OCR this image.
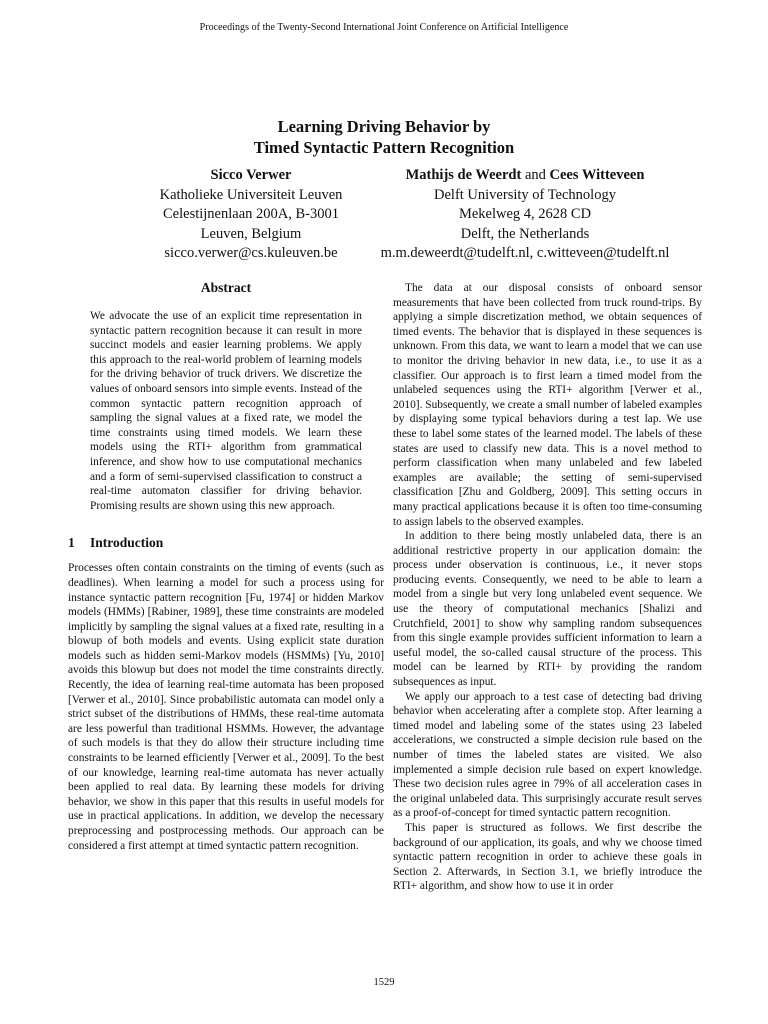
Proceedings of the Twenty-Second International Joint Conference on Artificial Intelligence
Learning Driving Behavior by
Timed Syntactic Pattern Recognition
Sicco Verwer
Katholieke Universiteit Leuven
Celestijnenlaan 200A, B-3001
Leuven, Belgium
sicco.verwer@cs.kuleuven.be
Mathijs de Weerdt and Cees Witteveen
Delft University of Technology
Mekelweg 4, 2628 CD
Delft, the Netherlands
m.m.deweerdt@tudelft.nl, c.witteveen@tudelft.nl
Abstract

We advocate the use of an explicit time representation in syntactic pattern recognition because it can result in more succinct models and easier learning problems. We apply this approach to the real-world problem of learning models for the driving behavior of truck drivers. We discretize the values of onboard sensors into simple events. Instead of the common syntactic pattern recognition approach of sampling the signal values at a fixed rate, we model the time constraints using timed models. We learn these models using the RTI+ algorithm from grammatical inference, and show how to use computational mechanics and a form of semi-supervised classification to construct a real-time automaton classifier for driving behavior. Promising results are shown using this new approach.

1 Introduction

Processes often contain constraints on the timing of events (such as deadlines). When learning a model for such a process using for instance syntactic pattern recognition [Fu, 1974] or hidden Markov models (HMMs) [Rabiner, 1989], these time constraints are modeled implicitly by sampling the signal values at a fixed rate, resulting in a blowup of both models and events. Using explicit state duration models such as hidden semi-Markov models (HSMMs) [Yu, 2010] avoids this blowup but does not model the time constraints directly. Recently, the idea of learning real-time automata has been proposed [Verwer et al., 2010]. Since probabilistic automata can model only a strict subset of the distributions of HMMs, these real-time automata are less powerful than traditional HSMMs. However, the advantage of such models is that they do allow their structure including time constraints to be learned efficiently [Verwer et al., 2009]. To the best of our knowledge, learning real-time automata has never actually been applied to real data. By learning these models for driving behavior, we show in this paper that this results in useful models for use in practical applications. In addition, we develop the necessary preprocessing and postprocessing methods. Our approach can be considered a first attempt at timed syntactic pattern recognition.

The data at our disposal consists of onboard sensor measurements that have been collected from truck round-trips. By applying a simple discretization method, we obtain sequences of timed events. The behavior that is displayed in these sequences is unknown. From this data, we want to learn a model that we can use to monitor the driving behavior in new data, i.e., to use it as a classifier. Our approach is to first learn a timed model from the unlabeled sequences using the RTI+ algorithm [Verwer et al., 2010]. Subsequently, we create a small number of labeled examples by displaying some typical behaviors during a test lap. We use these to label some states of the learned model. The labels of these states are used to classify new data. This is a novel method to perform classification when many unlabeled and few labeled examples are available; the setting of semi-supervised classification [Zhu and Goldberg, 2009]. This setting occurs in many practical applications because it is often too time-consuming to assign labels to the observed examples.

In addition to there being mostly unlabeled data, there is an additional restrictive property in our application domain: the process under observation is continuous, i.e., it never stops producing events. Consequently, we need to be able to learn a model from a single but very long unlabeled event sequence. We use the theory of computational mechanics [Shalizi and Crutchfield, 2001] to show why sampling random subsequences from this single example provides sufficient information to learn a useful model, the so-called causal structure of the process. This model can be learned by RTI+ by providing the random subsequences as input.

We apply our approach to a test case of detecting bad driving behavior when accelerating after a complete stop. After learning a timed model and labeling some of the states using 23 labeled accelerations, we constructed a simple decision rule based on the number of times the labeled states are visited. We also implemented a simple decision rule based on expert knowledge. These two decision rules agree in 79% of all acceleration cases in the original unlabeled data. This surprisingly accurate result serves as a proof-of-concept for timed syntactic pattern recognition.

This paper is structured as follows. We first describe the background of our application, its goals, and why we choose timed syntactic pattern recognition in order to achieve these goals in Section 2. Afterwards, in Section 3.1, we briefly introduce the RTI+ algorithm, and show how to use it in order

1529
